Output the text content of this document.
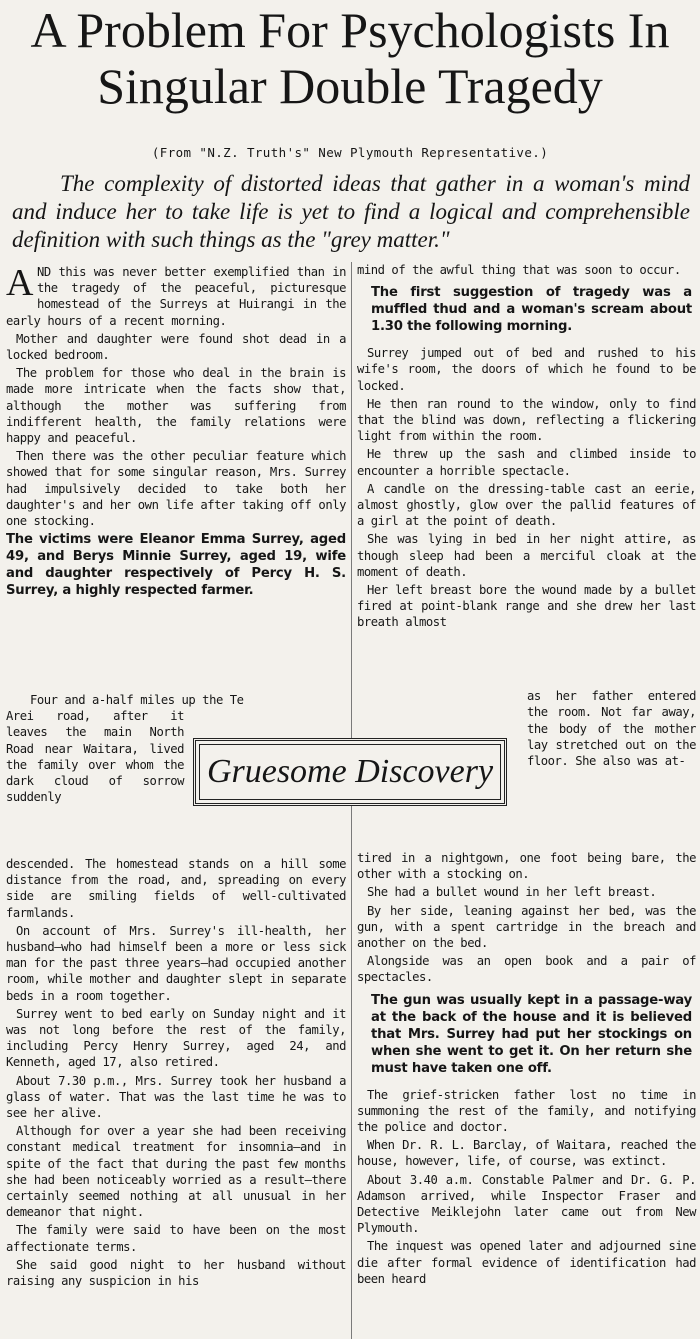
A Problem For Psychologists In
Singular Double Tragedy
(From "N.Z. Truth's" New Plymouth Representative.)

The complexity of distorted ideas that gather in a woman's mind and induce her to take life is yet to find a logical and comprehensible definition with such things as the "grey matter."

AND this was never better exemplified than in the tragedy of the peaceful, picturesque homestead of the Surreys at Huirangi in the early hours of a recent morning.

Mother and daughter were found shot dead in a locked bedroom.

The problem for those who deal in the brain is made more intricate when the facts show that, although the mother was suffering from indifferent health, the family relations were happy and peaceful.

Then there was the other peculiar feature which showed that for some singular reason, Mrs. Surrey had impulsively decided to take both her daughter's and her own life after taking off only one stocking.

The victims were Eleanor Emma Surrey, aged 49, and Berys Minnie Surrey, aged 19, wife and daughter respectively of Percy H. S. Surrey, a highly respected farmer.

Four and a-half miles up the Te

Arei road, after it leaves the main North Road near Waitara, lived the family over whom the dark cloud of sorrow suddenly

descended. The homestead stands on a hill some distance from the road, and, spreading on every side are smiling fields of well-cultivated farmlands.

On account of Mrs. Surrey's ill-health, her husband—who had himself been a more or less sick man for the past three years—had occupied another room, while mother and daughter slept in separate beds in a room together.

Surrey went to bed early on Sunday night and it was not long before the rest of the family, including Percy Henry Surrey, aged 24, and Kenneth, aged 17, also retired.

About 7.30 p.m., Mrs. Surrey took her husband a glass of water. That was the last time he was to see her alive.

Although for over a year she had been receiving constant medical treatment for insomnia—and in spite of the fact that during the past few months she had been noticeably worried as a result—there certainly seemed nothing at all unusual in her demeanor that night.

The family were said to have been on the most affectionate terms.

She said good night to her husband without raising any suspicion in his

mind of the awful thing that was soon to occur.

The first suggestion of tragedy was a muffled thud and a woman's scream about 1.30 the following morning.

Surrey jumped out of bed and rushed to his wife's room, the doors of which he found to be locked.

He then ran round to the window, only to find that the blind was down, reflecting a flickering light from within the room.

He threw up the sash and climbed inside to encounter a horrible spectacle.

A candle on the dressing-table cast an eerie, almost ghostly, glow over the pallid features of a girl at the point of death.

She was lying in bed in her night attire, as though sleep had been a merciful cloak at the moment of death.

Her left breast bore the wound made by a bullet fired at point-blank range and she drew her last breath almost

as her father entered the room. Not far away, the body of the mother lay stretched out on the floor. She also was at-

tired in a nightgown, one foot being bare, the other with a stocking on.

She had a bullet wound in her left breast.

By her side, leaning against her bed, was the gun, with a spent cartridge in the breach and another on the bed.

Alongside was an open book and a pair of spectacles.

The gun was usually kept in a passage-way at the back of the house and it is believed that Mrs. Surrey had put her stockings on when she went to get it. On her return she must have taken one off.

The grief-stricken father lost no time in summoning the rest of the family, and notifying the police and doctor.

When Dr. R. L. Barclay, of Waitara, reached the house, however, life, of course, was extinct.

About 3.40 a.m. Constable Palmer and Dr. G. P. Adamson arrived, while Inspector Fraser and Detective Meiklejohn later came out from New Plymouth.

The inquest was opened later and adjourned sine die after formal evidence of identification had been heard

Gruesome Discovery
